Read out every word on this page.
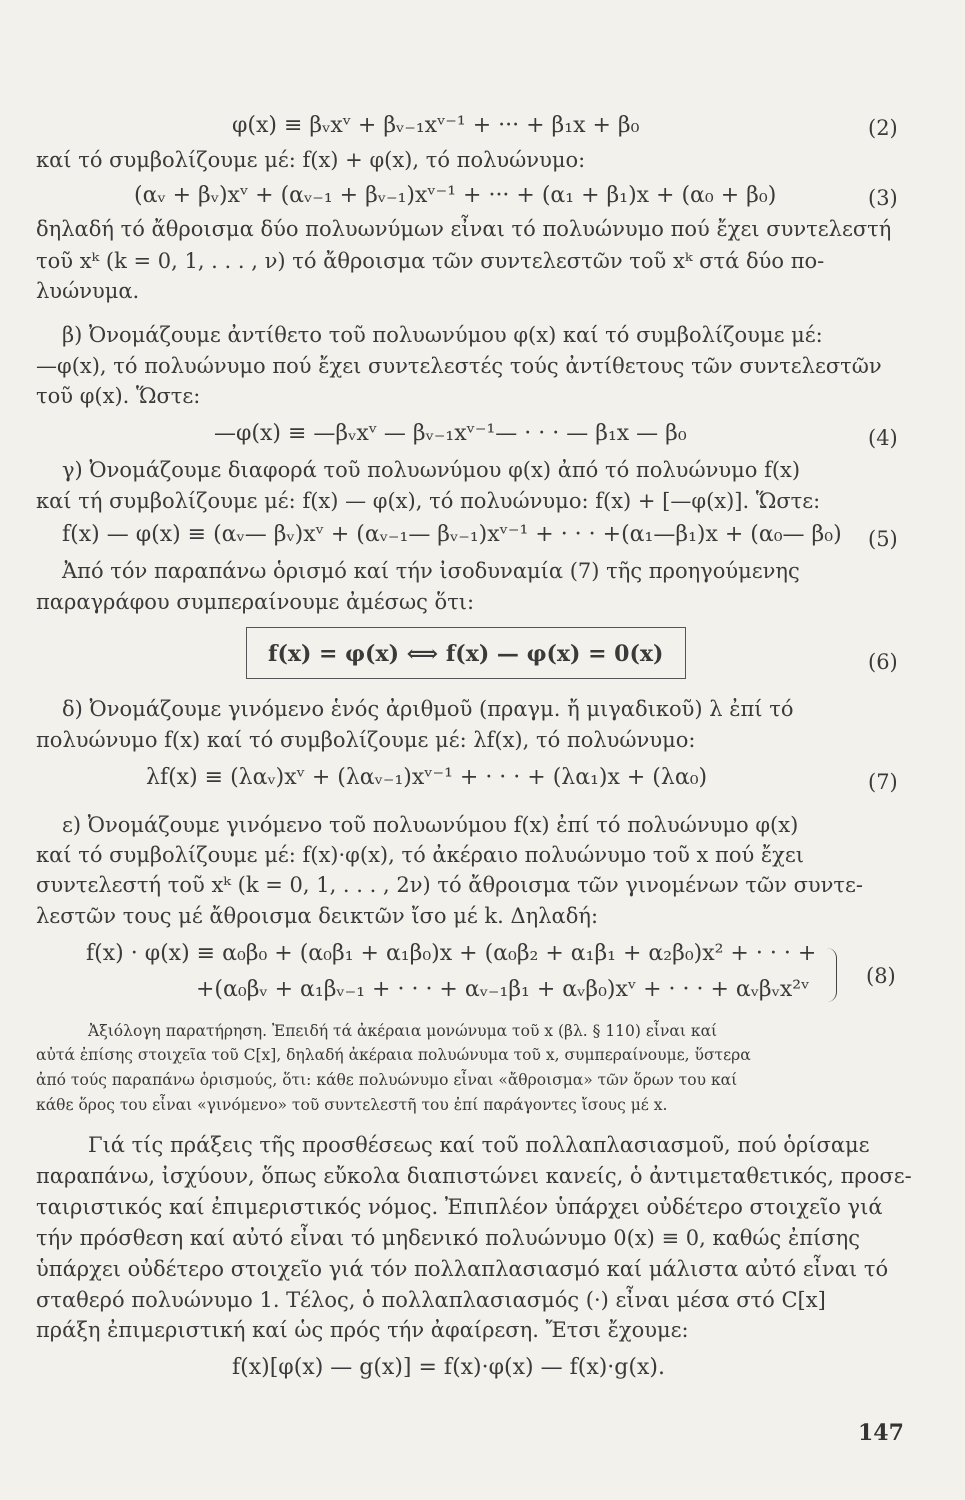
φ(x) ≡ βᵥxᵛ + βᵥ₋₁xᵛ⁻¹ + ··· + β₁x + β₀	(2)
καί τό συμβολίζουμε μέ: f(x) + φ(x), τό πολυώνυμο:
(αᵥ + βᵥ)xᵛ + (αᵥ₋₁ + βᵥ₋₁)xᵛ⁻¹ + ··· + (α₁ + β₁)x + (α₀ + β₀)	(3)
δηλαδή τό ἄθροισμα δύο πολυωνύμων εἶναι τό πολυώνυμο πού ἔχει συντελεστή
τοῦ xᵏ (k = 0, 1, . . . , ν) τό ἄθροισμα τῶν συντελεστῶν τοῦ xᵏ στά δύο πο-
λυώνυμα.
β) Ὀνομάζουμε ἀντίθετο τοῦ πολυωνύμου φ(x) καί τό συμβολίζουμε μέ:
—φ(x), τό πολυώνυμο πού ἔχει συντελεστές τούς ἀντίθετους τῶν συντελεστῶν
τοῦ φ(x). Ὥστε:
—φ(x) ≡ —βᵥxᵛ — βᵥ₋₁xᵛ⁻¹— · · · — β₁x — β₀	(4)
γ) Ὀνομάζουμε διαφορά τοῦ πολυωνύμου φ(x) ἀπό τό πολυώνυμο f(x)
καί τή συμβολίζουμε μέ: f(x) — φ(x), τό πολυώνυμο: f(x) + [—φ(x)]. Ὥστε:
f(x) — φ(x) ≡ (αᵥ— βᵥ)xᵛ + (αᵥ₋₁— βᵥ₋₁)xᵛ⁻¹ + · · · +(α₁—β₁)x + (α₀— β₀) (5)
Ἀπό τόν παραπάνω ὁρισμό καί τήν ἰσοδυναμία (7) τῆς προηγούμενης
παραγράφου συμπεραίνουμε ἀμέσως ὅτι:
f(x) = φ(x) ⟺ f(x) — φ(x) = 0(x)	(6)
δ) Ὀνομάζουμε γινόμενο ἑνός ἀριθμοῦ (πραγμ. ἤ μιγαδικοῦ) λ ἐπί τό
πολυώνυμο f(x) καί τό συμβολίζουμε μέ: λf(x), τό πολυώνυμο:
λf(x) ≡ (λαᵥ)xᵛ + (λαᵥ₋₁)xᵛ⁻¹ + · · · + (λα₁)x + (λα₀)	(7)
ε) Ὀνομάζουμε γινόμενο τοῦ πολυωνύμου f(x) ἐπί τό πολυώνυμο φ(x)
καί τό συμβολίζουμε μέ: f(x)·φ(x), τό ἀκέραιο πολυώνυμο τοῦ x πού ἔχει
συντελεστή τοῦ xᵏ (k = 0, 1, . . . , 2ν) τό ἄθροισμα τῶν γινομένων τῶν συντε-
λεστῶν τους μέ ἄθροισμα δεικτῶν ἴσο μέ k. Δηλαδή:
f(x) · φ(x) ≡ α₀β₀ + (α₀β₁ + α₁β₀)x + (α₀β₂ + α₁β₁ + α₂β₀)x² + · · · +
+(α₀βᵥ + α₁βᵥ₋₁ + · · · + αᵥ₋₁β₁ + αᵥβ₀)xᵛ + · · · + αᵥβᵥx²ᵛ
(8)
Ἀξιόλογη παρατήρηση. Ἐπειδή τά ἀκέραια μονώνυμα τοῦ x (βλ. § 110) εἶναι καί
αὐτά ἐπίσης στοιχεῖα τοῦ C[x], δηλαδή ἀκέραια πολυώνυμα τοῦ x, συμπεραίνουμε, ὕστερα
ἀπό τούς παραπάνω ὁρισμούς, ὅτι: κάθε πολυώνυμο εἶναι «ἄθροισμα» τῶν ὅρων του καί
κάθε ὅρος του εἶναι «γινόμενο» τοῦ συντελεστῆ του ἐπί παράγοντες ἴσους μέ x.
Γιά τίς πράξεις τῆς προσθέσεως καί τοῦ πολλαπλασιασμοῦ, πού ὁρίσαμε
παραπάνω, ἰσχύουν, ὅπως εὔκολα διαπιστώνει κανείς, ὁ ἀντιμεταθετικός, προσε-
ταιριστικός καί ἐπιμεριστικός νόμος. Ἐπιπλέον ὑπάρχει οὐδέτερο στοιχεῖο γιά
τήν πρόσθεση καί αὐτό εἶναι τό μηδενικό πολυώνυμο 0(x) ≡ 0, καθώς ἐπίσης
ὑπάρχει οὐδέτερο στοιχεῖο γιά τόν πολλαπλασιασμό καί μάλιστα αὐτό εἶναι τό
σταθερό πολυώνυμο 1. Τέλος, ὁ πολλαπλασιασμός (·) εἶναι μέσα στό C[x]
πράξη ἐπιμεριστική καί ὡς πρός τήν ἀφαίρεση. Ἔτσι ἔχουμε:
f(x)[φ(x) — g(x)] = f(x)·φ(x) — f(x)·g(x).
147
